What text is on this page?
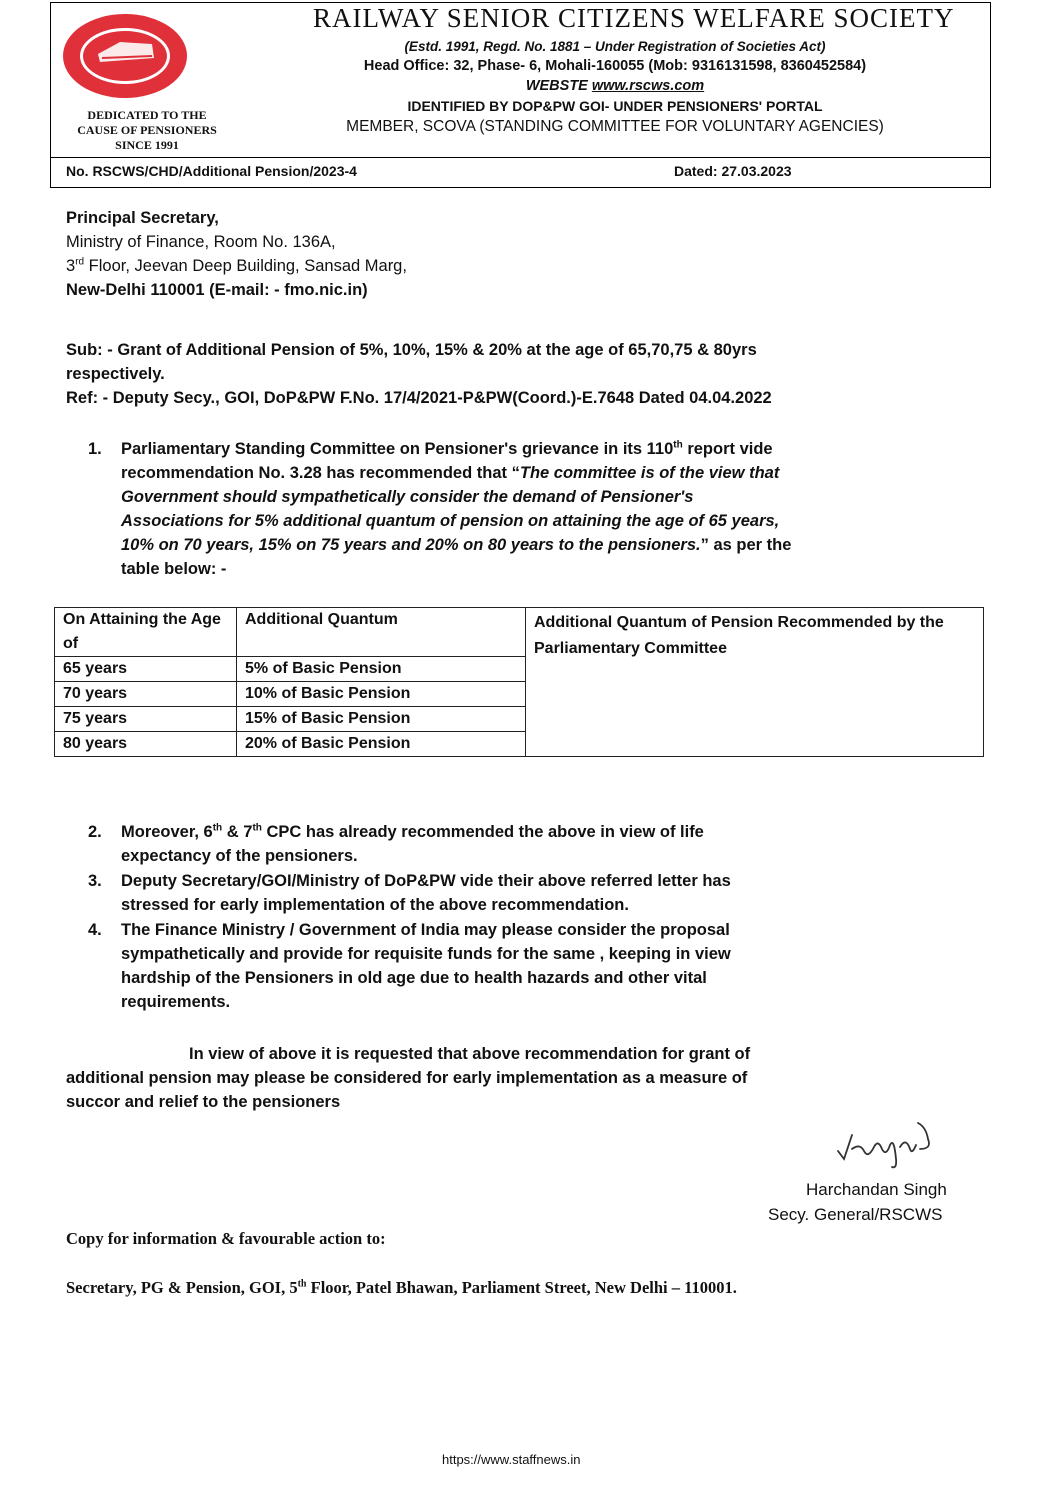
DEDICATED TO THE
CAUSE OF PENSIONERS
SINCE 1991
RAILWAY SENIOR CITIZENS WELFARE SOCIETY
(Estd. 1991, Regd. No. 1881 – Under Registration of Societies Act)
Head Office: 32, Phase- 6, Mohali-160055 (Mob: 9316131598, 8360452584)
WEBSTE www.rscws.com
IDENTIFIED BY DOP&PW GOI- UNDER PENSIONERS' PORTAL
MEMBER, SCOVA (STANDING COMMITTEE FOR VOLUNTARY AGENCIES)
No. RSCWS/CHD/Additional Pension/2023-4	Dated: 27.03.2023
Principal Secretary,
Ministry of Finance, Room No. 136A,
3rd Floor, Jeevan Deep Building, Sansad Marg,
New-Delhi 110001 (E-mail: - fmo.nic.in)
Sub: - Grant of Additional Pension of 5%, 10%, 15% & 20% at the age of 65,70,75 & 80yrs
respectively.
Ref: - Deputy Secy., GOI, DoP&PW F.No. 17/4/2021-P&PW(Coord.)-E.7648 Dated 04.04.2022
1. Parliamentary Standing Committee on Pensioner's grievance in its 110th report vide
recommendation No. 3.28 has recommended that “The committee is of the view that
Government should sympathetically consider the demand of Pensioner's
Associations for 5% additional quantum of pension on attaining the age of 65 years,
10% on 70 years, 15% on 75 years and 20% on 80 years to the pensioners.” as per the
table below: -
On Attaining the Age of	Additional Quantum	Additional Quantum of Pension Recommended by the Parliamentary Committee
65 years	5% of Basic Pension	
70 years	10% of Basic Pension	
75 years	15% of Basic Pension	
80 years	20% of Basic Pension	
2. Moreover, 6th & 7th CPC has already recommended the above in view of life
expectancy of the pensioners.
3. Deputy Secretary/GOI/Ministry of DoP&PW vide their above referred letter has
stressed for early implementation of the above recommendation.
4. The Finance Ministry / Government of India may please consider the proposal
sympathetically and provide for requisite funds for the same , keeping in view
hardship of the Pensioners in old age due to health hazards and other vital
requirements.
In view of above it is requested that above recommendation for grant of
additional pension may please be considered for early implementation as a measure of
succor and relief to the pensioners
Harchandan Singh
Secy. General/RSCWS
Copy for information & favourable action to:
Secretary, PG & Pension, GOI, 5th Floor, Patel Bhawan, Parliament Street, New Delhi – 110001.
https://www.staffnews.in
